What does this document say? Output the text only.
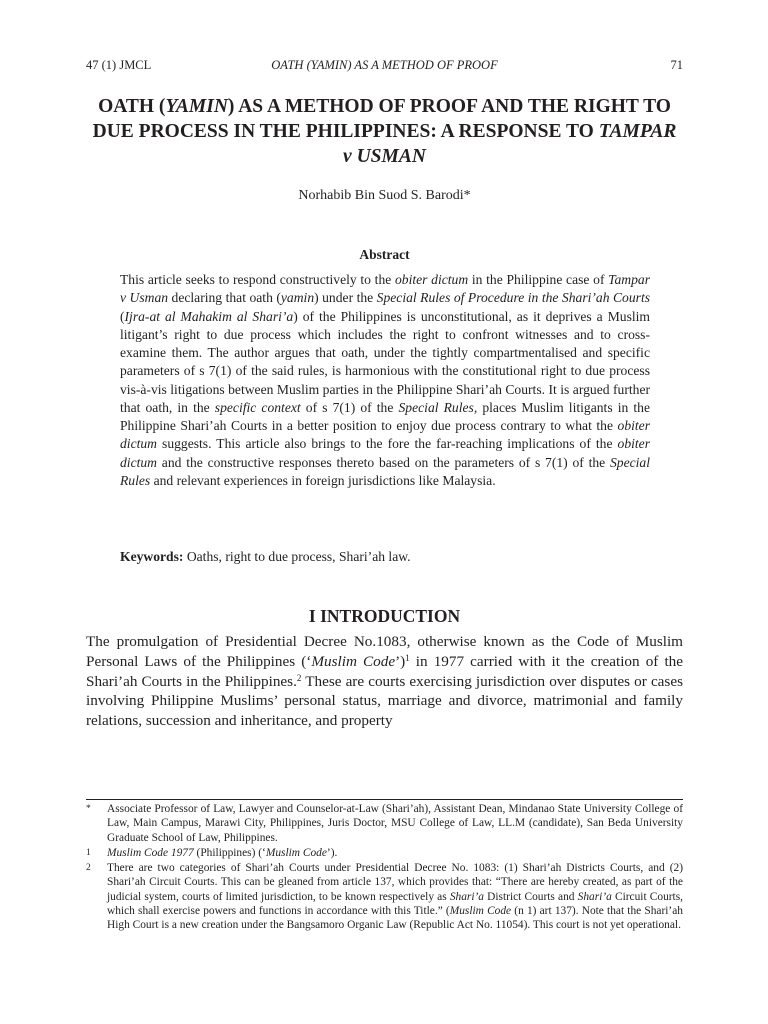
47 (1) JMCL	OATH (YAMIN) AS A METHOD OF PROOF	71
OATH (YAMIN) AS A METHOD OF PROOF AND THE RIGHT TO DUE PROCESS IN THE PHILIPPINES: A RESPONSE TO TAMPAR v USMAN
Norhabib Bin Suod S. Barodi*
Abstract

This article seeks to respond constructively to the obiter dictum in the Philippine case of Tampar v Usman declaring that oath (yamin) under the Special Rules of Procedure in the Shari’ah Courts (Ijra-at al Mahakim al Shari’a) of the Philippines is unconstitutional, as it deprives a Muslim litigant’s right to due process which includes the right to confront witnesses and to cross-examine them. The author argues that oath, under the tightly compartmentalised and specific parameters of s 7(1) of the said rules, is harmonious with the constitutional right to due process vis-à-vis litigations between Muslim parties in the Philippine Shari’ah Courts. It is argued further that oath, in the specific context of s 7(1) of the Special Rules, places Muslim litigants in the Philippine Shari’ah Courts in a better position to enjoy due process contrary to what the obiter dictum suggests. This article also brings to the fore the far-reaching implications of the obiter dictum and the constructive responses thereto based on the parameters of s 7(1) of the Special Rules and relevant experiences in foreign jurisdictions like Malaysia.

Keywords: Oaths, right to due process, Shari’ah law.

I INTRODUCTION

The promulgation of Presidential Decree No.1083, otherwise known as the Code of Muslim Personal Laws of the Philippines (‘Muslim Code’)$^1$ in 1977 carried with it the creation of the Shari’ah Courts in the Philippines.$^2$ These are courts exercising jurisdiction over disputes or cases involving Philippine Muslims’ personal status, marriage and divorce, matrimonial and family relations, succession and inheritance, and property

* Associate Professor of Law, Lawyer and Counselor-at-Law (Shari’ah), Assistant Dean, Mindanao State University College of Law, Main Campus, Marawi City, Philippines, Juris Doctor, MSU College of Law, LL.M (candidate), San Beda University Graduate School of Law, Philippines.

1 Muslim Code 1977 (Philippines) (‘Muslim Code’).

2 There are two categories of Shari’ah Courts under Presidential Decree No. 1083: (1) Shari’ah Districts Courts, and (2) Shari’ah Circuit Courts. This can be gleaned from article 137, which provides that: “There are hereby created, as part of the judicial system, courts of limited jurisdiction, to be known respectively as Shari’a District Courts and Shari’a Circuit Courts, which shall exercise powers and functions in accordance with this Title.” (Muslim Code (n 1) art 137). Note that the Shari’ah High Court is a new creation under the Bangsamoro Organic Law (Republic Act No. 11054). This court is not yet operational.
